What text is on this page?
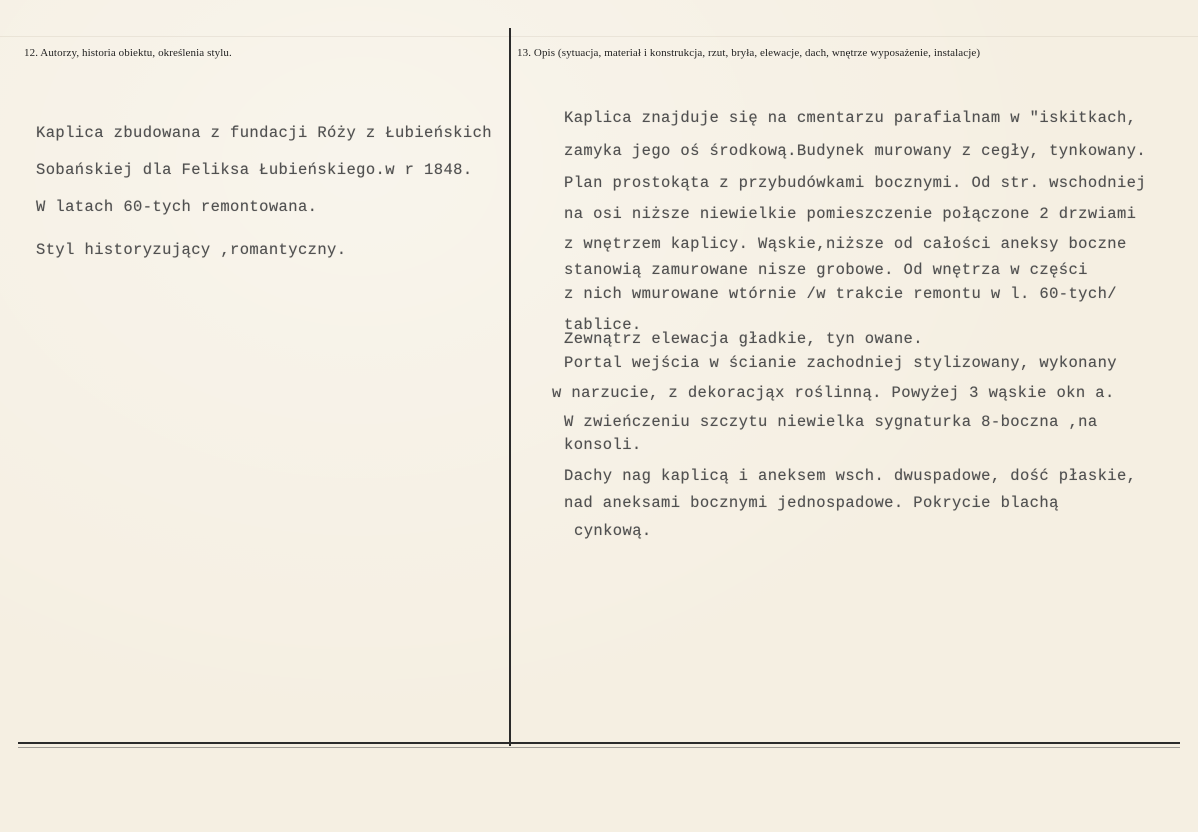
12. Autorzy, historia obiektu, określenia stylu.	13. Opis (sytuacja, materiał i konstrukcja, rzut, bryła, elewacje, dach, wnętrze wyposażenie, instalacje)
Kaplica zbudowana z fundacji Róży z Łubieńskich
Sobańskiej dla Feliksa Łubieńskiego.w r 1848.
W latach 60-tych remontowana.
Styl historyzujący ,romantyczny.
Kaplica znajduje się na cmentarzu parafialnam w "iskitkach,
zamyka jego oś środkową.Budynek murowany z cegły, tynkowany.
Plan prostokąta z przybudówkami bocznymi. Od str. wschodniej
na osi niższe niewielkie pomieszczenie połączone 2 drzwiami
z wnętrzem kaplicy. Wąskie,niższe od całości aneksy boczne
stanowią zamurowane nisze grobowe. Od wnętrza w części
z nich wmurowane wtórnie /w trakcie remontu w l. 60-tych/
tablice.
Zewnątrz elewacja gładkie, tyn owane.
Portal wejścia w ścianie zachodniej stylizowany, wykonany
w narzucie, z dekoracjąx roślinną. Powyżej 3 wąskie okn a.
W zwieńczeniu szczytu niewielka sygnaturka 8-boczna ,na
konsoli.
Dachy nag kaplicą i aneksem wsch. dwuspadowe, dość płaskie,
nad aneksami bocznymi jednospadowe. Pokrycie blachą
cynkową.
